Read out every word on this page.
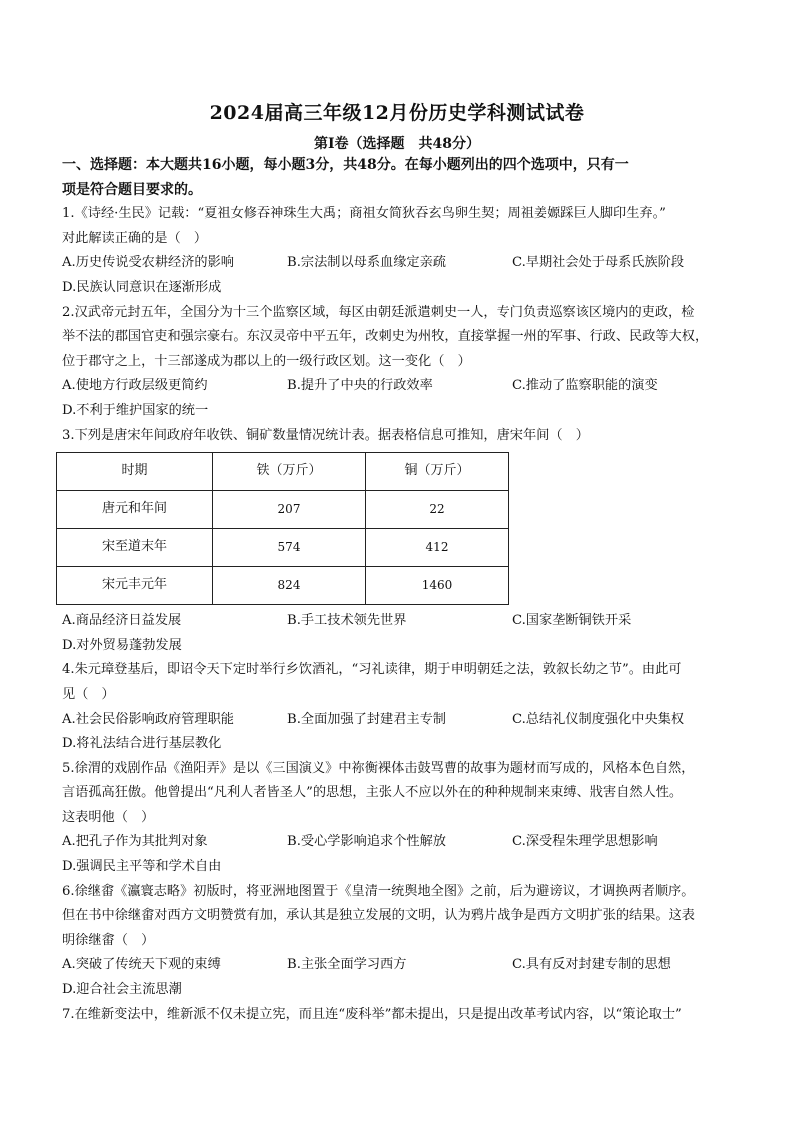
2024届高三年级12月份历史学科测试试卷
第Ⅰ卷（选择题　共48分）
一、选择题：本大题共16小题，每小题3分，共48分。在每小题列出的四个选项中，只有一
项是符合题目要求的。
1.《诗经·生民》记载：“夏祖女修吞神珠生大禹；商祖女简狄吞玄鸟卵生契；周祖姜嫄踩巨人脚印生弃。”
对此解读正确的是（　）
A.历史传说受农耕经济的影响	B.宗法制以母系血缘定亲疏	C.早期社会处于母系氏族阶段
D.民族认同意识在逐渐形成
2.汉武帝元封五年，全国分为十三个监察区域，每区由朝廷派遣刺史一人，专门负责巡察该区境内的吏政，检
举不法的郡国官吏和强宗豪右。东汉灵帝中平五年，改刺史为州牧，直接掌握一州的军事、行政、民政等大权，
位于郡守之上，十三部遂成为郡以上的一级行政区划。这一变化（　）
A.使地方行政层级更简约	B.提升了中央的行政效率	C.推动了监察职能的演变
D.不利于维护国家的统一
3.下列是唐宋年间政府年收铁、铜矿数量情况统计表。据表格信息可推知，唐宋年间（　）
时期	铁（万斤）	铜（万斤）
唐元和年间	207	22
宋至道末年	574	412
宋元丰元年	824	1460
A.商品经济日益发展	B.手工技术领先世界	C.国家垄断铜铁开采
D.对外贸易蓬勃发展
4.朱元璋登基后，即诏令天下定时举行乡饮酒礼，“习礼读律，期于申明朝廷之法，敦叙长幼之节”。由此可
见（　）
A.社会民俗影响政府管理职能	B.全面加强了封建君主专制	C.总结礼仪制度强化中央集权
D.将礼法结合进行基层教化
5.徐渭的戏剧作品《渔阳弄》是以《三国演义》中祢衡裸体击鼓骂曹的故事为题材而写成的，风格本色自然，
言语孤高狂傲。他曾提出“凡利人者皆圣人”的思想，主张人不应以外在的种种规制来束缚、戕害自然人性。
这表明他（　）
A.把孔子作为其批判对象	B.受心学影响追求个性解放	C.深受程朱理学思想影响
D.强调民主平等和学术自由
6.徐继畬《瀛寰志略》初版时，将亚洲地图置于《皇清一统舆地全图》之前，后为避谤议，才调换两者顺序。
但在书中徐继畬对西方文明赞赏有加，承认其是独立发展的文明，认为鸦片战争是西方文明扩张的结果。这表
明徐继畬（　）
A.突破了传统天下观的束缚	B.主张全面学习西方	C.具有反对封建专制的思想
D.迎合社会主流思潮
7.在维新变法中，维新派不仅未提立宪，而且连“废科举”都未提出，只是提出改革考试内容，以“策论取士”
